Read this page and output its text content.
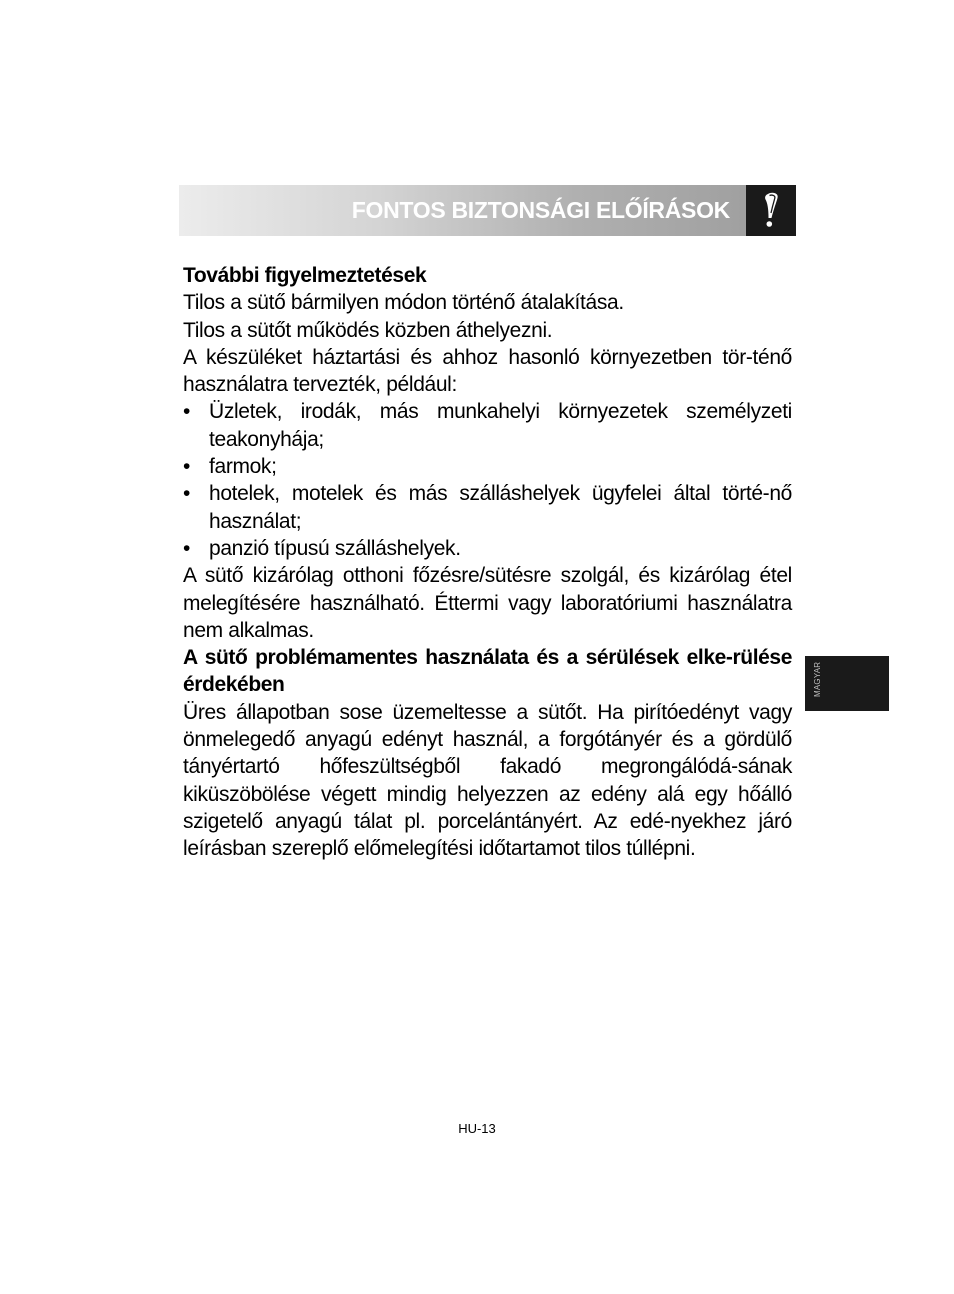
FONTOS BIZTONSÁGI ELŐÍRÁSOK

További figyelmeztetések

Tilos a sütő bármilyen módon történő átalakítása.

Tilos a sütőt működés közben áthelyezni.

A készüléket háztartási és ahhoz hasonló környezetben tör-ténő használatra tervezték, például:

• Üzletek, irodák, más munkahelyi környezetek személyzeti teakonyhája;
• farmok;
• hotelek, motelek és más szálláshelyek ügyfelei által törté-nő használat;
• panzió típusú szálláshelyek.

A sütő kizárólag otthoni főzésre/sütésre szolgál, és kizárólag étel melegítésére használható. Éttermi vagy laboratóriumi használatra nem alkalmas.

A sütő problémamentes használata és a sérülések elke-rülése érdekében

Üres állapotban sose üzemeltesse a sütőt. Ha pirítóedényt vagy önmelegedő anyagú edényt használ, a forgótányér és a gördülő tányértartó hőfeszültségből fakadó megrongálódá-sának kiküszöbölése végett mindig helyezzen az edény alá egy hőálló szigetelő anyagú tálat pl. porcelántányért. Az edé-nyekhez járó leírásban szereplő előmelegítési időtartamot tilos túllépni.

MAGYAR
HU-13
